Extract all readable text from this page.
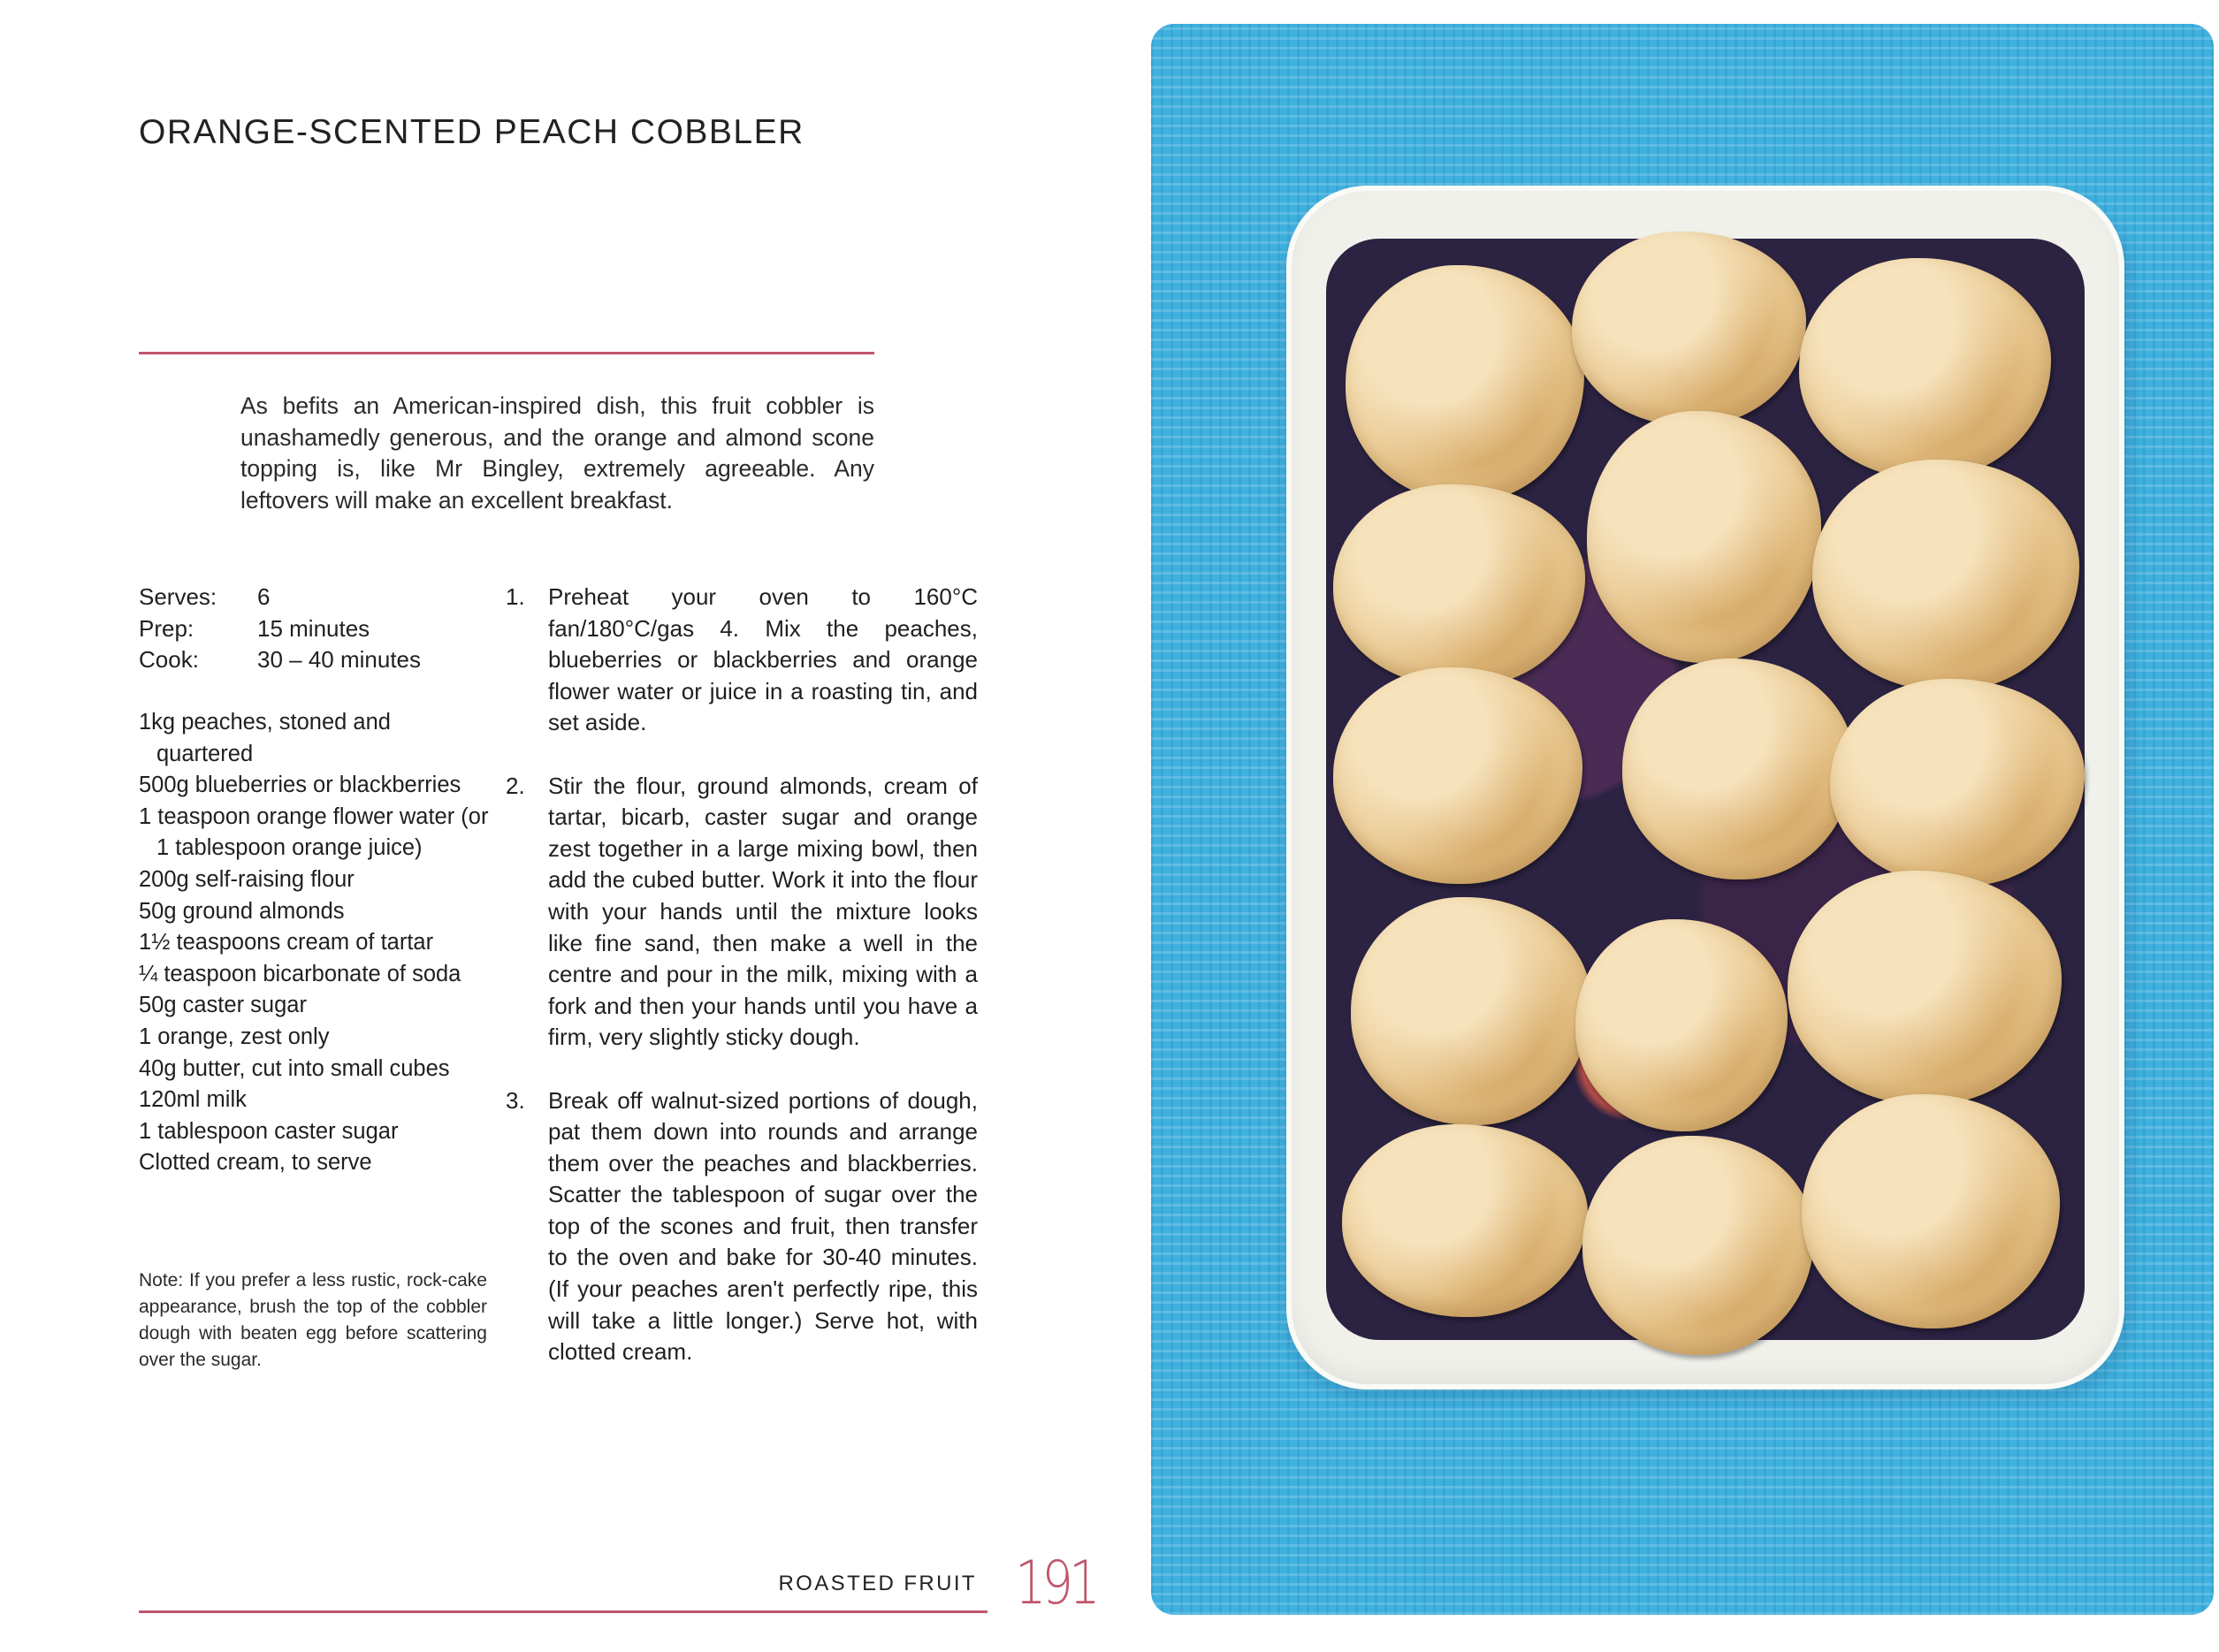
ORANGE-SCENTED PEACH COBBLER

As befits an American-inspired dish, this fruit cobbler is unashamedly generous, and the orange and almond scone topping is, like Mr Bingley, extremely agreeable. Any leftovers will make an excellent breakfast.

Serves:	6
Prep:	15 minutes
Cook:	30 – 40 minutes
1kg peaches, stoned and quartered
500g blueberries or blackberries
1 teaspoon orange flower water (or 1 tablespoon orange juice)
200g self-raising flour
50g ground almonds
1½ teaspoons cream of tartar
¼ teaspoon bicarbonate of soda
50g caster sugar
1 orange, zest only
40g butter, cut into small cubes
120ml milk
1 tablespoon caster sugar
Clotted cream, to serve

Note: If you prefer a less rustic, rock-cake appearance, brush the top of the cobbler dough with beaten egg before scattering over the sugar.

1. Preheat your oven to 160°C fan/180°C/gas 4. Mix the peaches, blueberries or blackberries and orange flower water or juice in a roasting tin, and set aside.
2. Stir the flour, ground almonds, cream of tartar, bicarb, caster sugar and orange zest together in a large mixing bowl, then add the cubed butter. Work it into the flour with your hands until the mixture looks like fine sand, then make a well in the centre and pour in the milk, mixing with a fork and then your hands until you have a firm, very slightly sticky dough.
3. Break off walnut-sized portions of dough, pat them down into rounds and arrange them over the peaches and blackberries. Scatter the tablespoon of sugar over the top of the scones and fruit, then transfer to the oven and bake for 30-40 minutes. (If your peaches aren't perfectly ripe, this will take a little longer.) Serve hot, with clotted cream.
ROASTED FRUIT 191
